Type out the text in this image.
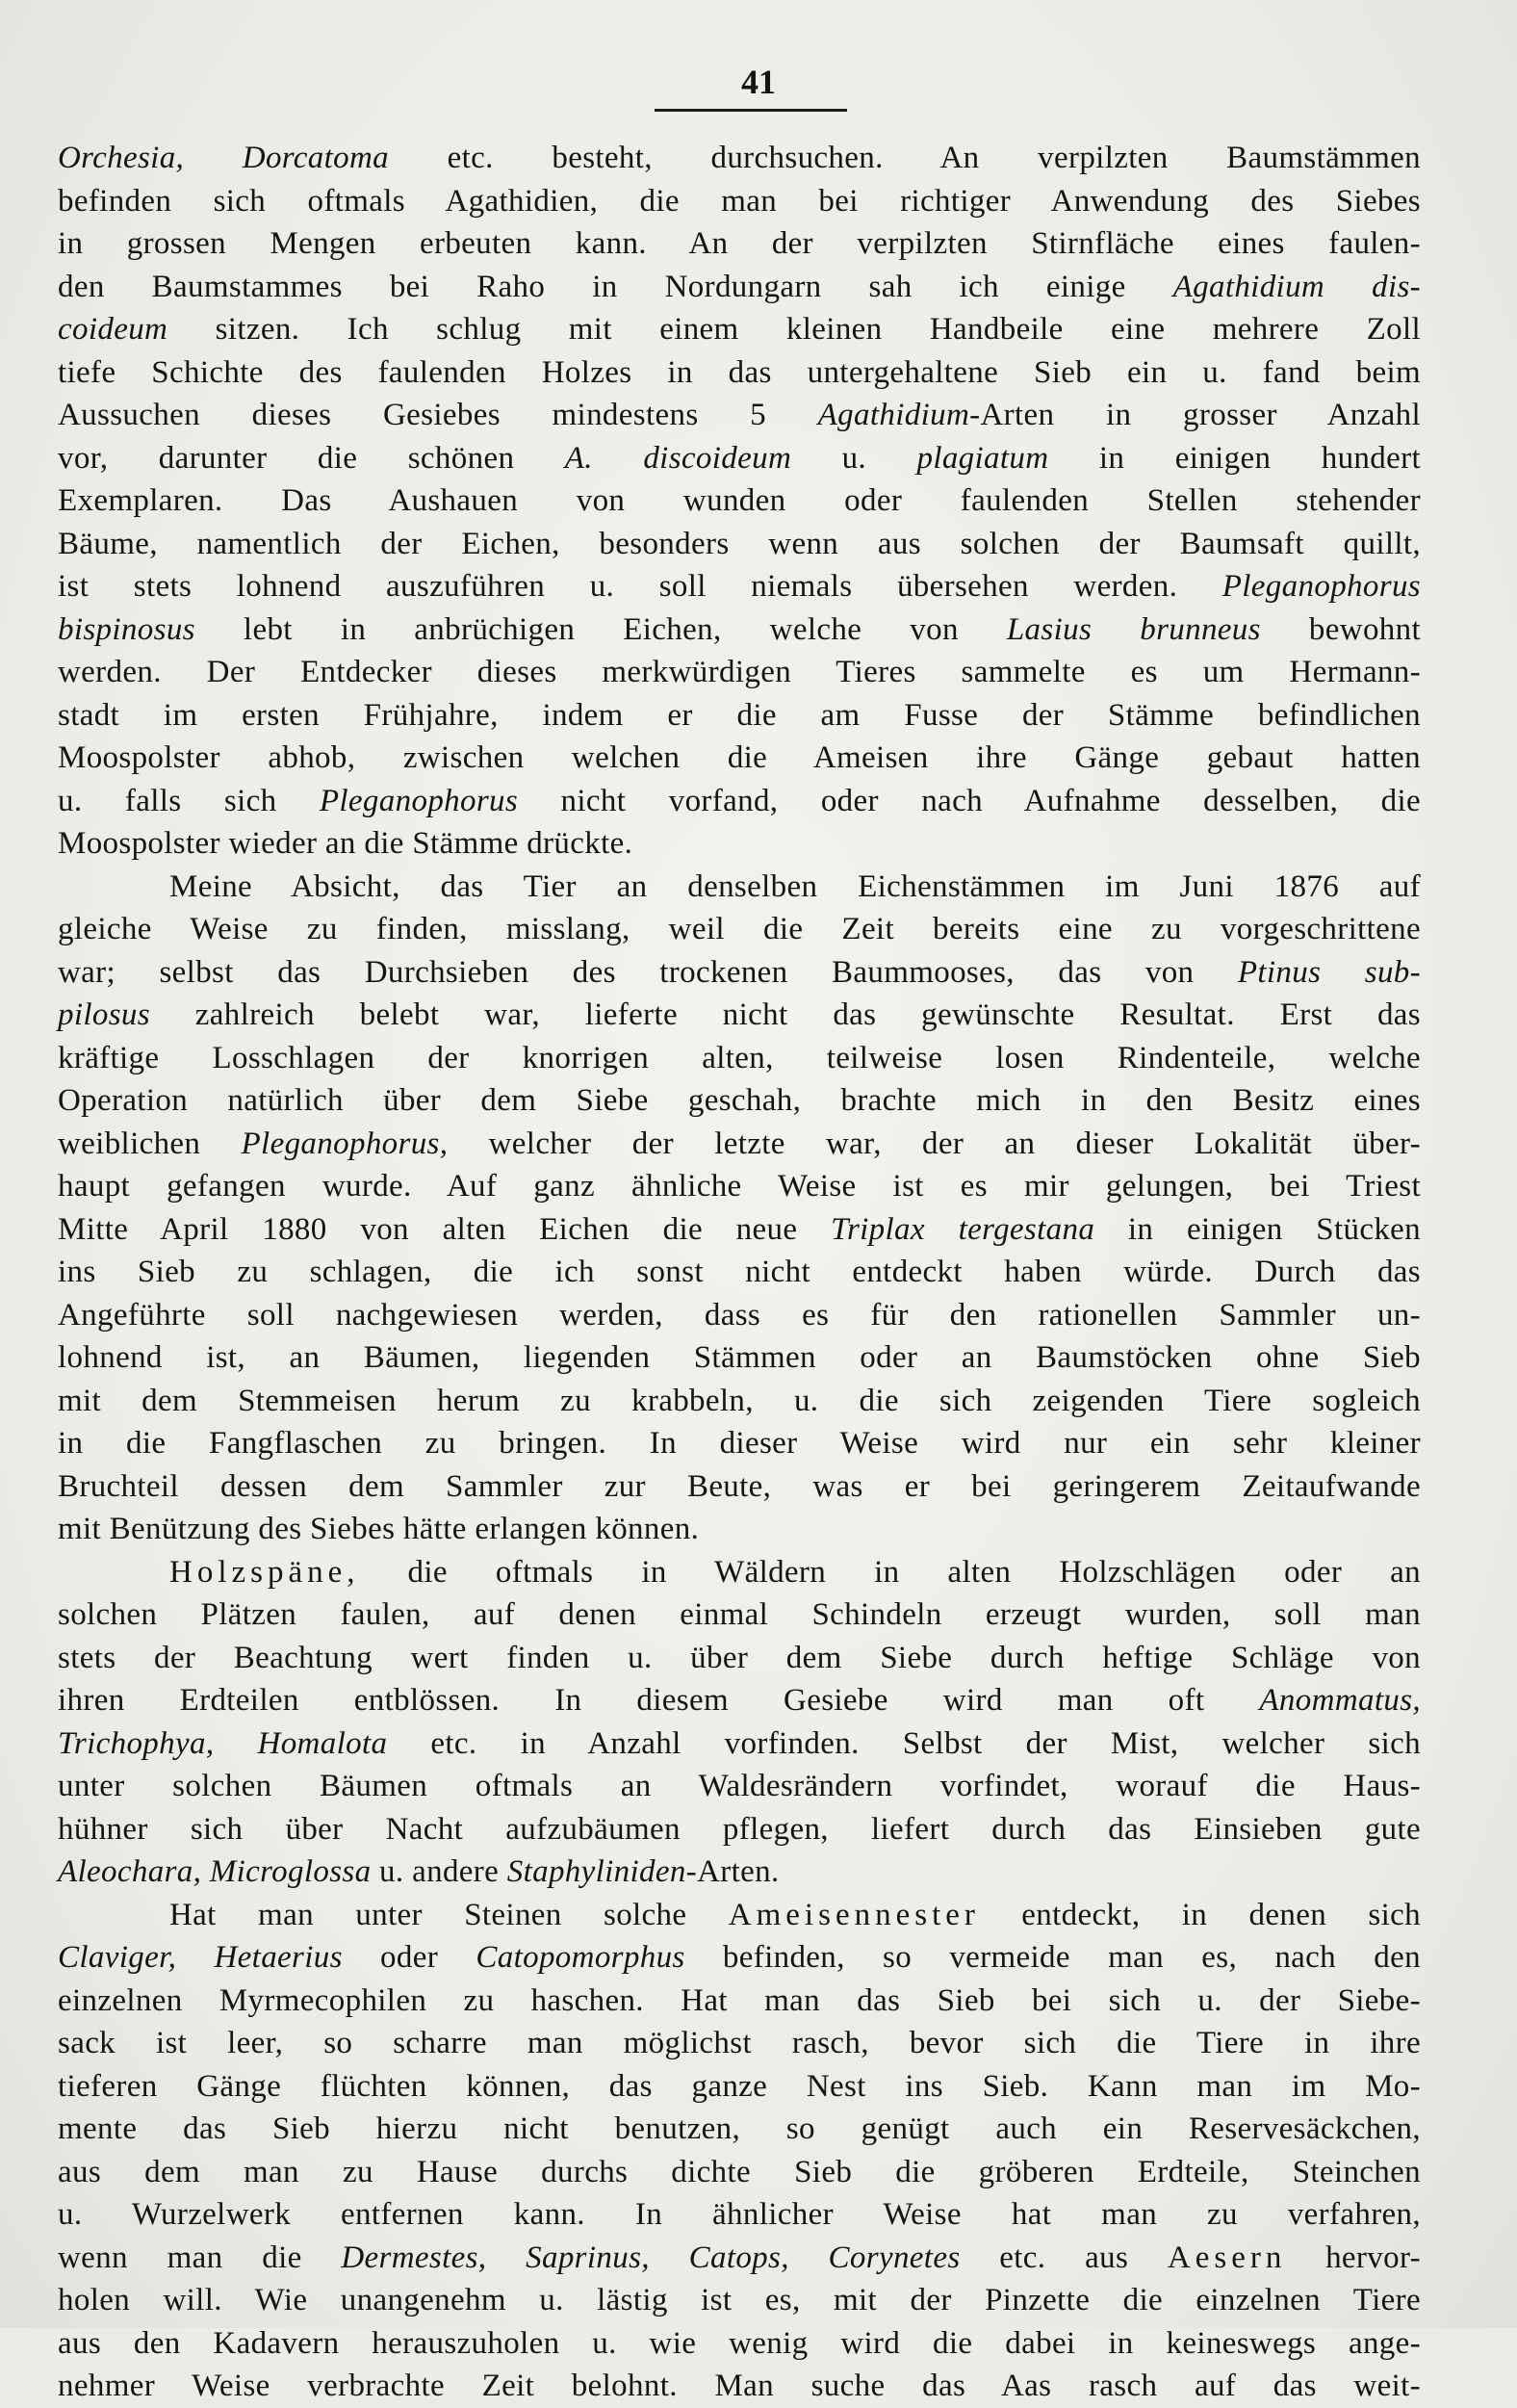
41
Orchesia, Dorcatoma etc. besteht, durchsuchen. An verpilzten Baumstämmen
befinden sich oftmals Agathidien, die man bei richtiger Anwendung des Siebes
in grossen Mengen erbeuten kann. An der verpilzten Stirnfläche eines faulen-
den Baumstammes bei Raho in Nordungarn sah ich einige Agathidium dis-
coideum sitzen. Ich schlug mit einem kleinen Handbeile eine mehrere Zoll
tiefe Schichte des faulenden Holzes in das untergehaltene Sieb ein u. fand beim
Aussuchen dieses Gesiebes mindestens 5 Agathidium-Arten in grosser Anzahl
vor, darunter die schönen A. discoideum u. plagiatum in einigen hundert
Exemplaren. Das Aushauen von wunden oder faulenden Stellen stehender
Bäume, namentlich der Eichen, besonders wenn aus solchen der Baumsaft quillt,
ist stets lohnend auszuführen u. soll niemals übersehen werden. Pleganophorus
bispinosus lebt in anbrüchigen Eichen, welche von Lasius brunneus bewohnt
werden. Der Entdecker dieses merkwürdigen Tieres sammelte es um Hermann-
stadt im ersten Frühjahre, indem er die am Fusse der Stämme befindlichen
Moospolster abhob, zwischen welchen die Ameisen ihre Gänge gebaut hatten
u. falls sich Pleganophorus nicht vorfand, oder nach Aufnahme desselben, die
Moospolster wieder an die Stämme drückte.
Meine Absicht, das Tier an denselben Eichenstämmen im Juni 1876 auf
gleiche Weise zu finden, misslang, weil die Zeit bereits eine zu vorgeschrittene
war; selbst das Durchsieben des trockenen Baummooses, das von Ptinus sub-
pilosus zahlreich belebt war, lieferte nicht das gewünschte Resultat. Erst das
kräftige Losschlagen der knorrigen alten, teilweise losen Rindenteile, welche
Operation natürlich über dem Siebe geschah, brachte mich in den Besitz eines
weiblichen Pleganophorus, welcher der letzte war, der an dieser Lokalität über-
haupt gefangen wurde. Auf ganz ähnliche Weise ist es mir gelungen, bei Triest
Mitte April 1880 von alten Eichen die neue Triplax tergestana in einigen Stücken
ins Sieb zu schlagen, die ich sonst nicht entdeckt haben würde. Durch das
Angeführte soll nachgewiesen werden, dass es für den rationellen Sammler un-
lohnend ist, an Bäumen, liegenden Stämmen oder an Baumstöcken ohne Sieb
mit dem Stemmeisen herum zu krabbeln, u. die sich zeigenden Tiere sogleich
in die Fangflaschen zu bringen. In dieser Weise wird nur ein sehr kleiner
Bruchteil dessen dem Sammler zur Beute, was er bei geringerem Zeitaufwande
mit Benützung des Siebes hätte erlangen können.
Holzspäne, die oftmals in Wäldern in alten Holzschlägen oder an
solchen Plätzen faulen, auf denen einmal Schindeln erzeugt wurden, soll man
stets der Beachtung wert finden u. über dem Siebe durch heftige Schläge von
ihren Erdteilen entblössen. In diesem Gesiebe wird man oft Anommatus,
Trichophya, Homalota etc. in Anzahl vorfinden. Selbst der Mist, welcher sich
unter solchen Bäumen oftmals an Waldesrändern vorfindet, worauf die Haus-
hühner sich über Nacht aufzubäumen pflegen, liefert durch das Einsieben gute
Aleochara, Microglossa u. andere Staphyliniden-Arten.
Hat man unter Steinen solche Ameisennester entdeckt, in denen sich
Claviger, Hetaerius oder Catopomorphus befinden, so vermeide man es, nach den
einzelnen Myrmecophilen zu haschen. Hat man das Sieb bei sich u. der Siebe-
sack ist leer, so scharre man möglichst rasch, bevor sich die Tiere in ihre
tieferen Gänge flüchten können, das ganze Nest ins Sieb. Kann man im Mo-
mente das Sieb hierzu nicht benutzen, so genügt auch ein Reservesäckchen,
aus dem man zu Hause durchs dichte Sieb die gröberen Erdteile, Steinchen
u. Wurzelwerk entfernen kann. In ähnlicher Weise hat man zu verfahren,
wenn man die Dermestes, Saprinus, Catops, Corynetes etc. aus Aesern hervor-
holen will. Wie unangenehm u. lästig ist es, mit der Pinzette die einzelnen Tiere
aus den Kadavern herauszuholen u. wie wenig wird die dabei in keineswegs ange-
nehmer Weise verbrachte Zeit belohnt. Man suche das Aas rasch auf das weit-
